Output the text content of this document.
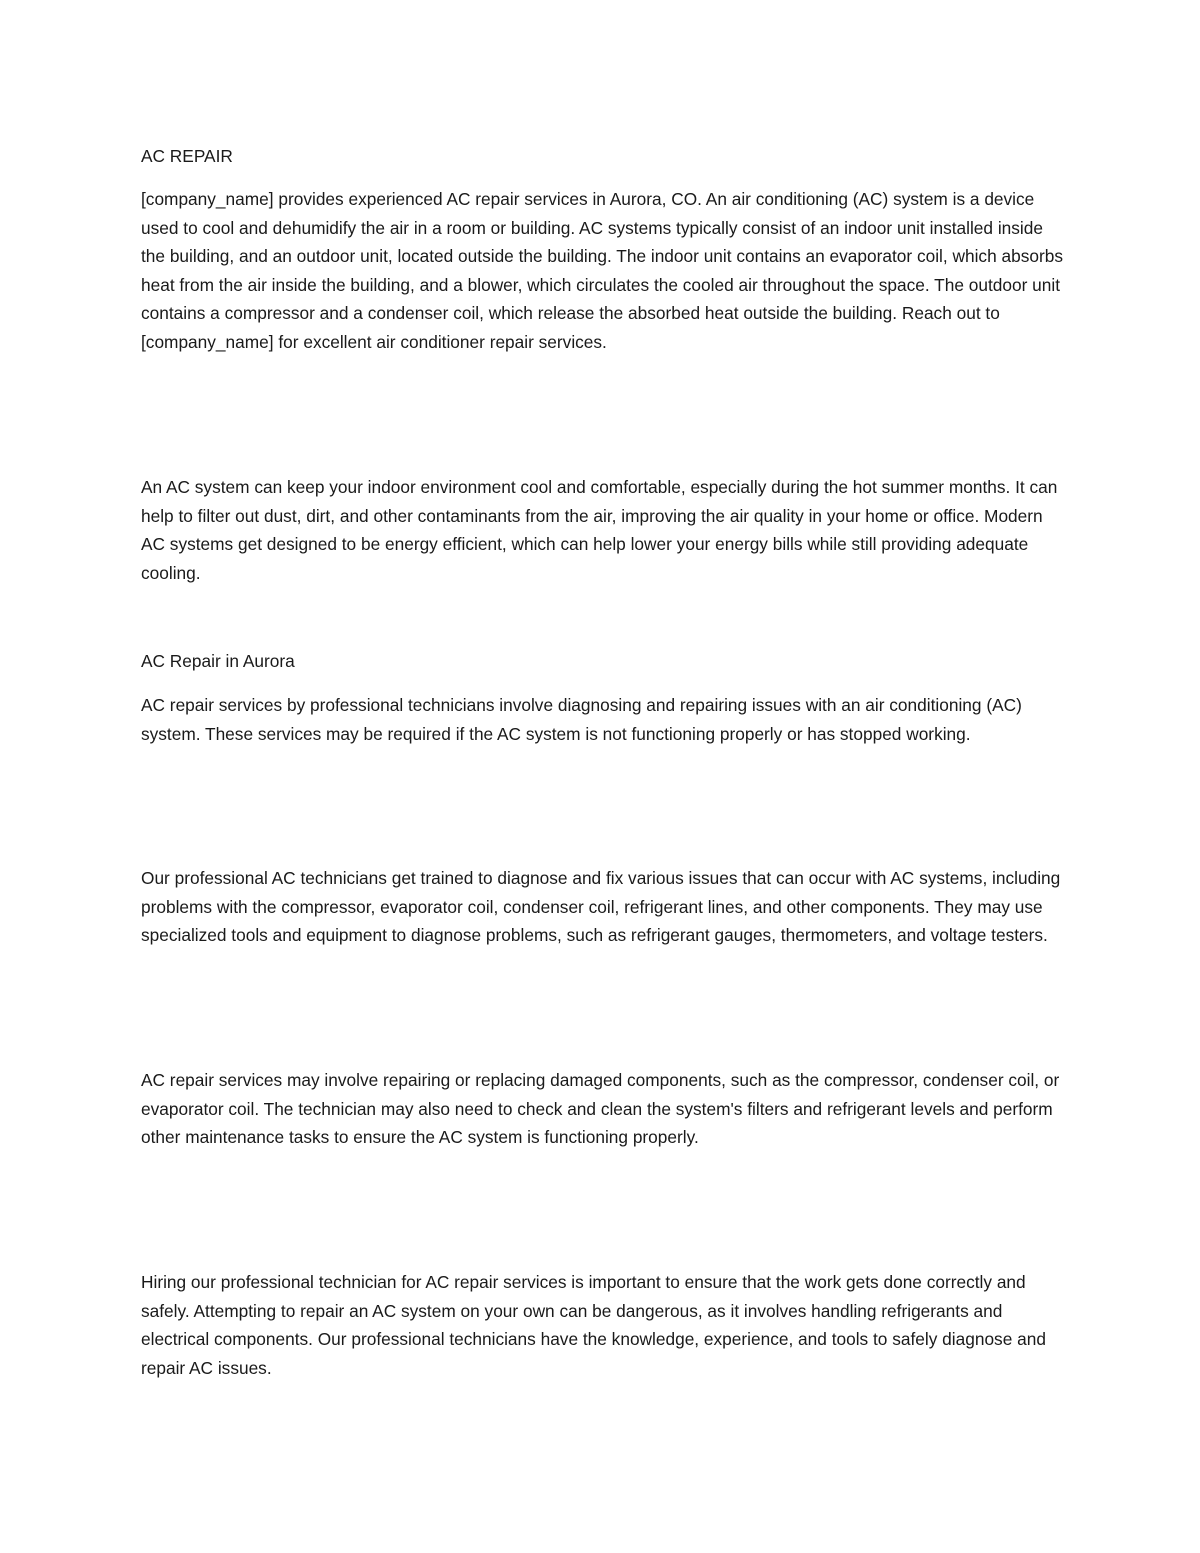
AC REPAIR

[company_name] provides experienced AC repair services in Aurora, CO. An air conditioning (AC) system is a device used to cool and dehumidify the air in a room or building. AC systems typically consist of an indoor unit installed inside the building, and an outdoor unit, located outside the building. The indoor unit contains an evaporator coil, which absorbs heat from the air inside the building, and a blower, which circulates the cooled air throughout the space. The outdoor unit contains a compressor and a condenser coil, which release the absorbed heat outside the building. Reach out to [company_name] for excellent air conditioner repair services.

An AC system can keep your indoor environment cool and comfortable, especially during the hot summer months. It can help to filter out dust, dirt, and other contaminants from the air, improving the air quality in your home or office. Modern AC systems get designed to be energy efficient, which can help lower your energy bills while still providing adequate cooling.

AC Repair in Aurora

AC repair services by professional technicians involve diagnosing and repairing issues with an air conditioning (AC) system. These services may be required if the AC system is not functioning properly or has stopped working.

Our professional AC technicians get trained to diagnose and fix various issues that can occur with AC systems, including problems with the compressor, evaporator coil, condenser coil, refrigerant lines, and other components. They may use specialized tools and equipment to diagnose problems, such as refrigerant gauges, thermometers, and voltage testers.

AC repair services may involve repairing or replacing damaged components, such as the compressor, condenser coil, or evaporator coil. The technician may also need to check and clean the system's filters and refrigerant levels and perform other maintenance tasks to ensure the AC system is functioning properly.

Hiring our professional technician for AC repair services is important to ensure that the work gets done correctly and safely. Attempting to repair an AC system on your own can be dangerous, as it involves handling refrigerants and electrical components. Our professional technicians have the knowledge, experience, and tools to safely diagnose and repair AC issues.
